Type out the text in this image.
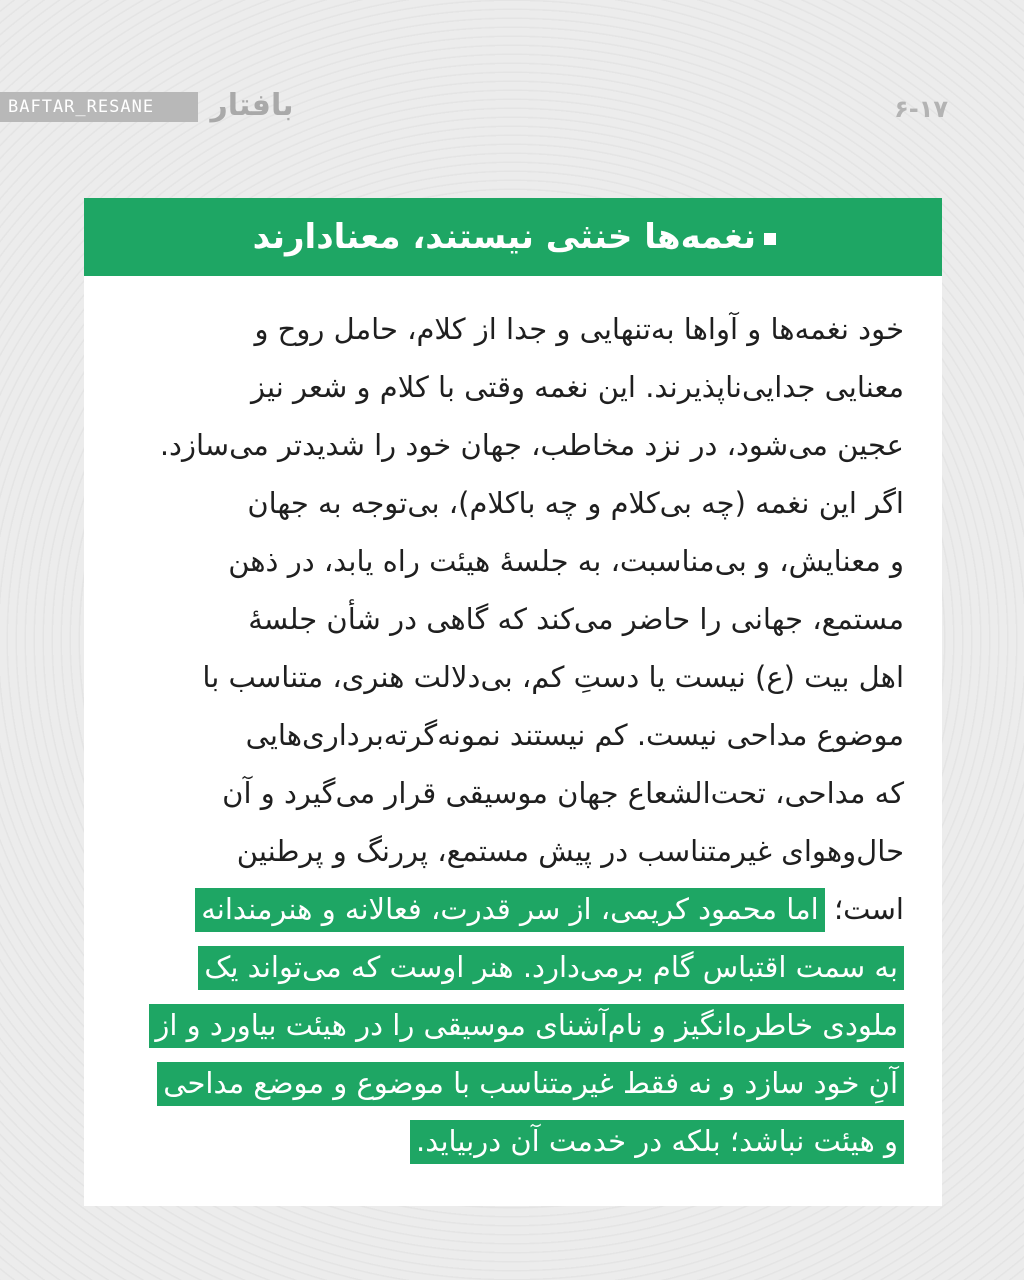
BAFTAR_RESANE	بافتار	۶-۱۷
نغمه‌ها خنثی نیستند، معنادارند
خود نغمه‌ها و آواها به‌تنهایی و جدا از کلام، حامل روح و
معنایی جدایی‌ناپذیرند. این نغمه وقتی با کلام و شعر نیز
عجین می‌شود، در نزد مخاطب، جهان خود را شدیدتر می‌سازد.
اگر این نغمه (چه بی‌کلام و چه باکلام)، بی‌توجه به جهان
و معنایش، و بی‌مناسبت، به جلسهٔ هیئت راه یابد، در ذهن
مستمع، جهانی را حاضر می‌کند که گاهی در شأن جلسهٔ
اهل بیت (ع) نیست یا دستِ کم، بی‌دلالت هنری، متناسب با
موضوع مداحی نیست. کم نیستند نمونه‌گرته‌برداری‌هایی
که مداحی، تحت‌الشعاع جهان موسیقی قرار می‌گیرد و آن
حال‌وهوای غیرمتناسب در پیش مستمع، پررنگ و پرطنین
است؛ اما محمود کریمی، از سر قدرت، فعالانه و هنرمندانه
به سمت اقتباس گام برمی‌دارد. هنر اوست که می‌تواند یک
ملودی خاطره‌انگیز و نام‌آشنای موسیقی را در هیئت بیاورد و از
آنِ خود سازد و نه فقط غیرمتناسب با موضوع و موضع مداحی
و هیئت نباشد؛ بلکه در خدمت آن دربیاید.
